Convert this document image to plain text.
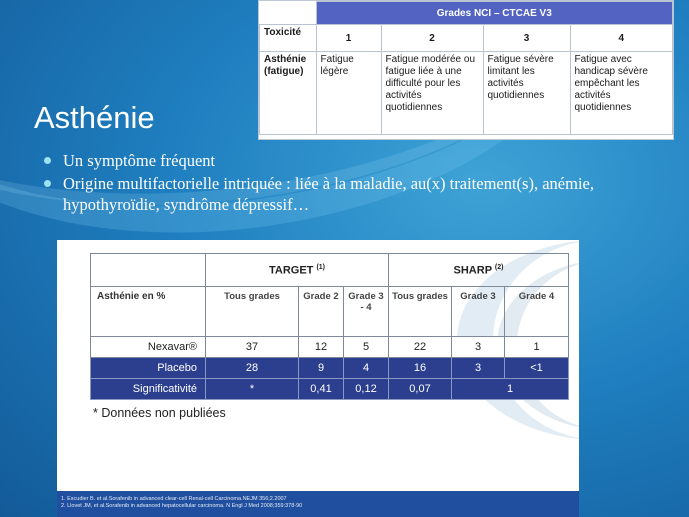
	Grades NCI – CTCAE V3			
Toxicité	1	2	3	4
Asthénie
(fatigue)	Fatigue légère	Fatigue modérée ou fatigue liée à une difficulté pour les activités quotidiennes	Fatigue sévère limitant les activités quotidiennes	Fatigue avec handicap sévère empêchant les activités quotidiennes
Asthénie
Un symptôme fréquent
Origine multifactorielle intriquée : liée à la maladie, au(x) traitement(s), anémie, hypothyroïdie, syndrôme dépressif…
	TARGET $^{(1)}$			SHARP $^{(2)}$
Asthénie en %	Tous grades	Grade 2	Grade 3 - 4	Tous grades	Grade 3	Grade 4
Nexavar®	37	12	5	22	3	1
Placebo	28	9	4	16	3	<1
Significativité	*	0,41	0,12	0,07	1	
* Données non publiées
1. Escudier B. et al.Sorafenib in advanced clear-cell Renal-cell Carcinoma.NEJM 356;2.2007
2. Llovet JM, et al.Sorafenib in advanced hepatocellular carcinoma. N Engl J Med 2008;359:378-90
